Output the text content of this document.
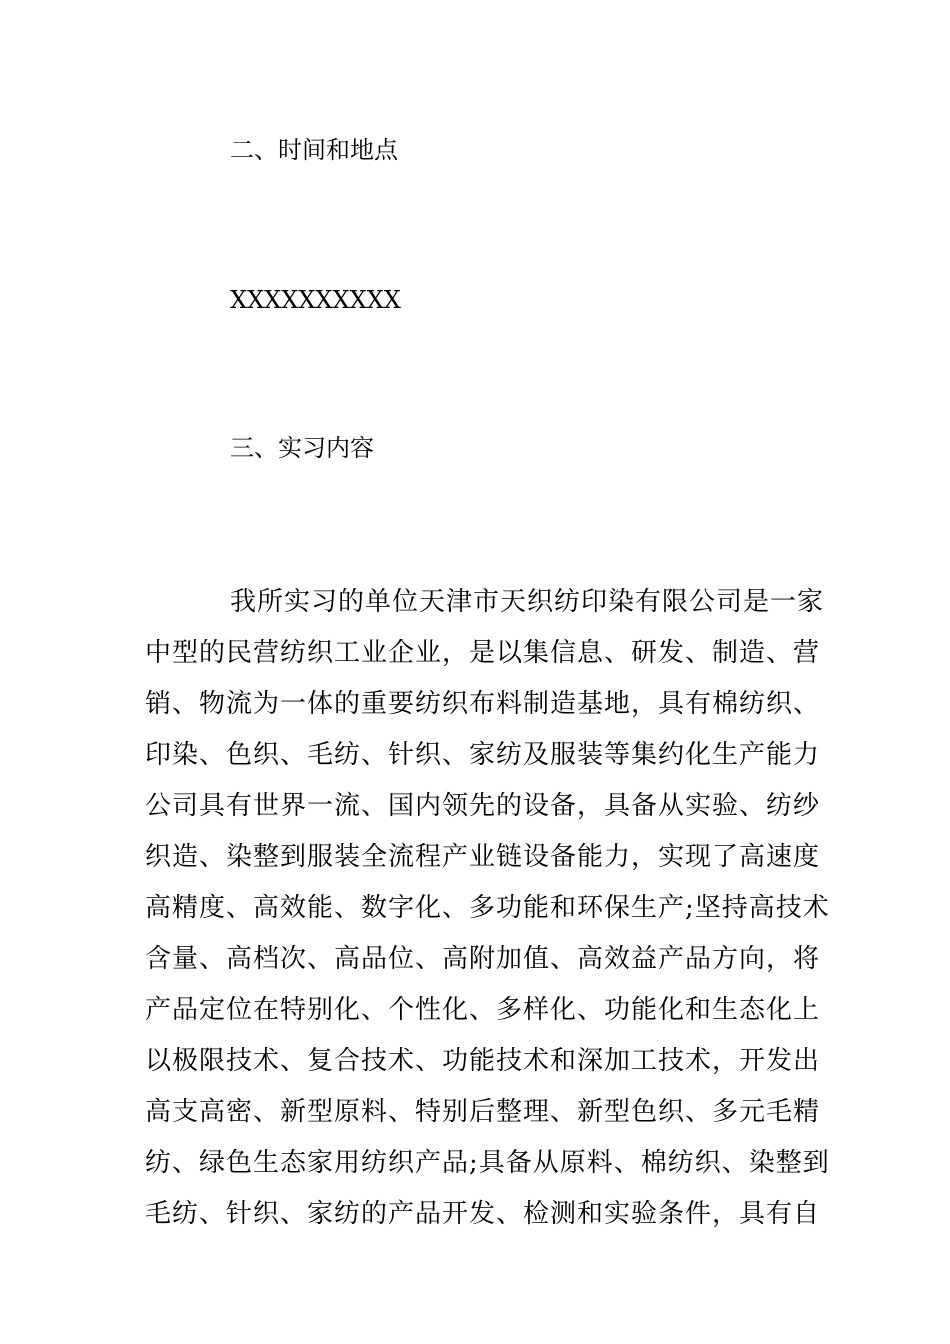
二、时间和地点
XXXXXXXXXX
三、实习内容
我所实习的单位天津市天织纺印染有限公司是一家
中型的民营纺织工业企业，是以集信息、研发、制造、营
销、物流为一体的重要纺织布料制造基地，具有棉纺织、
印染、色织、毛纺、针织、家纺及服装等集约化生产能力
公司具有世界一流、国内领先的设备，具备从实验、纺纱
织造、染整到服装全流程产业链设备能力，实现了高速度
高精度、高效能、数字化、多功能和环保生产;坚持高技术
含量、高档次、高品位、高附加值、高效益产品方向，将
产品定位在特别化、个性化、多样化、功能化和生态化上
以极限技术、复合技术、功能技术和深加工技术，开发出
高支高密、新型原料、特别后整理、新型色织、多元毛精
纺、绿色生态家用纺织产品;具备从原料、棉纺织、染整到
毛纺、针织、家纺的产品开发、检测和实验条件，具有自
